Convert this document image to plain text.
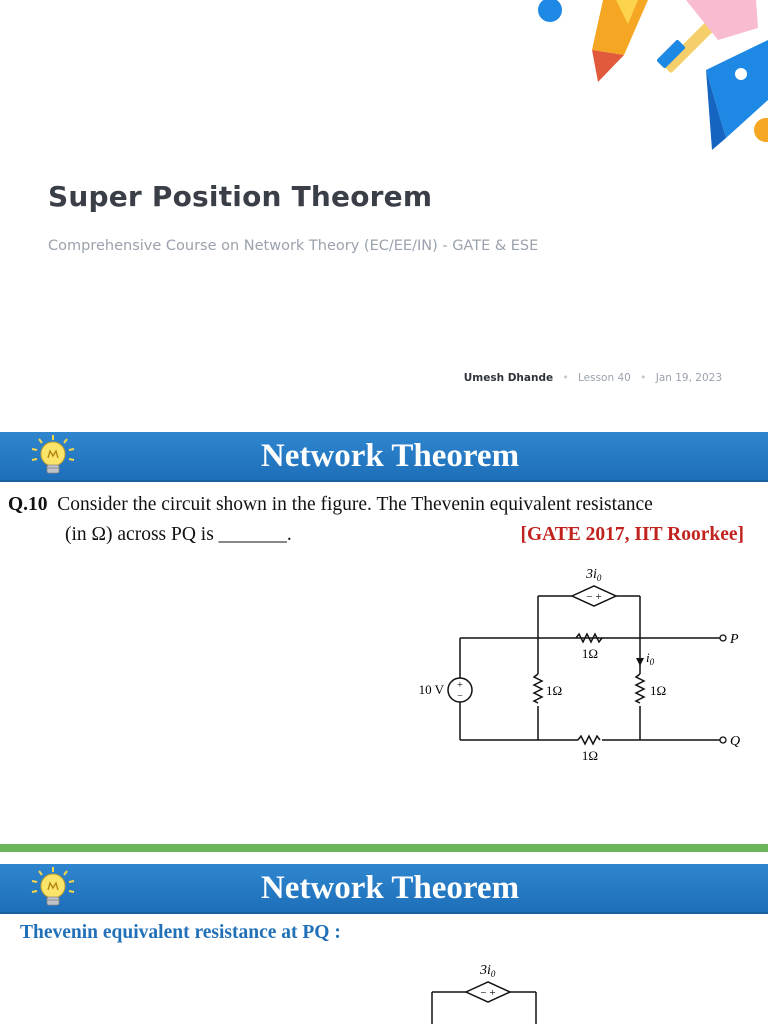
Super Position Theorem
Comprehensive Course on Network Theory (EC/EE/IN) - GATE & ESE
Umesh Dhande • Lesson 40 • Jan 19, 2023
Network Theorem
Q.10 Consider the circuit shown in the figure. The Thevenin equivalent resistance
(in Ω) across PQ is _______.	[GATE 2017, IIT Roorkee]
− +
$3i_0$
1Ω
+
−
10 V	1Ω	1Ω
$i_0$
1Ω
P
Q
Network Theorem
Thevenin equivalent resistance at PQ :
$3i_0$
− +
